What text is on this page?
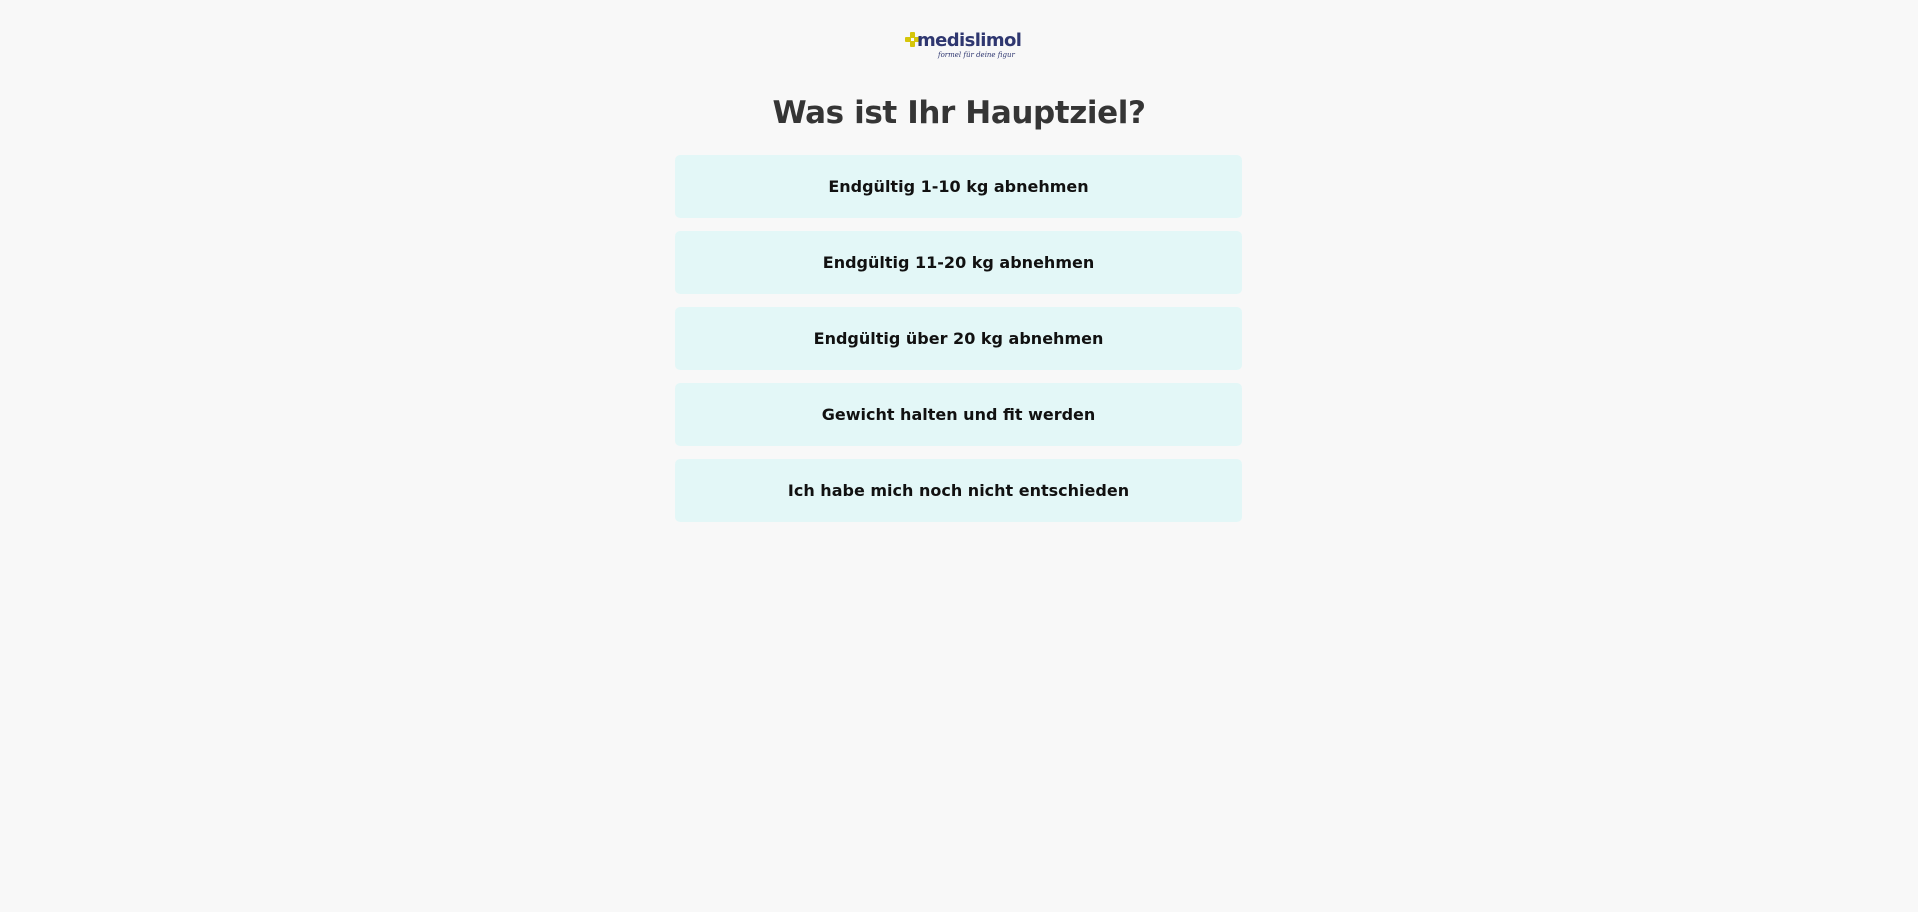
medislimol
formel für deine figur
Was ist Ihr Hauptziel?
Endgültig 1-10 kg abnehmen
Endgültig 11-20 kg abnehmen
Endgültig über 20 kg abnehmen
Gewicht halten und fit werden
Ich habe mich noch nicht entschieden
